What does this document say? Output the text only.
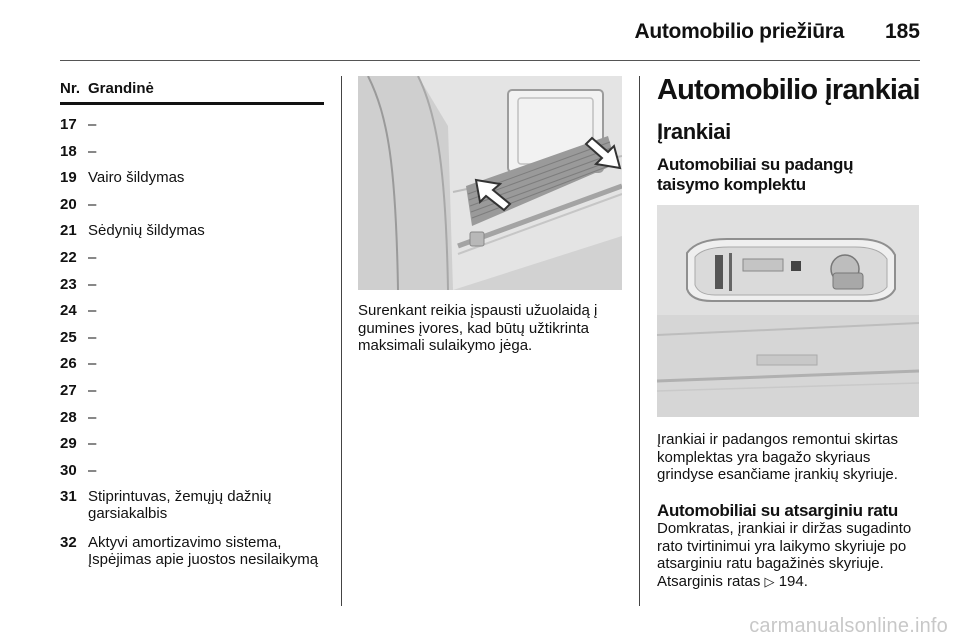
Automobilio priežiūra 185
Nr. Grandinė
17 –
18 –
19 Vairo šildymas
20 –
21 Sėdynių šildymas
22 –
23 –
24 –
25 –
26 –
27 –
28 –
29 –
30 –
31 Stiprintuvas, žemųjų dažnių garsiakalbis
32 Aktyvi amortizavimo sistema, Įspėjimas apie juostos nesilaikymą
Surenkant reikia įspausti užuolaidą į gumines įvores, kad būtų užtikrinta maksimali sulaikymo jėga.
Automobilio įrankiai
Įrankiai
Automobiliai su padangų taisymo komplektu
Įrankiai ir padangos remontui skirtas komplektas yra bagažo skyriaus grindyse esančiame įrankių skyriuje.
Automobiliai su atsarginiu ratu
Domkratas, įrankiai ir diržas sugadinto rato tvirtinimui yra laikymo skyriuje po atsarginiu ratu bagažinės skyriuje. Atsarginis ratas ▷ 194.
carmanualsonline.info
